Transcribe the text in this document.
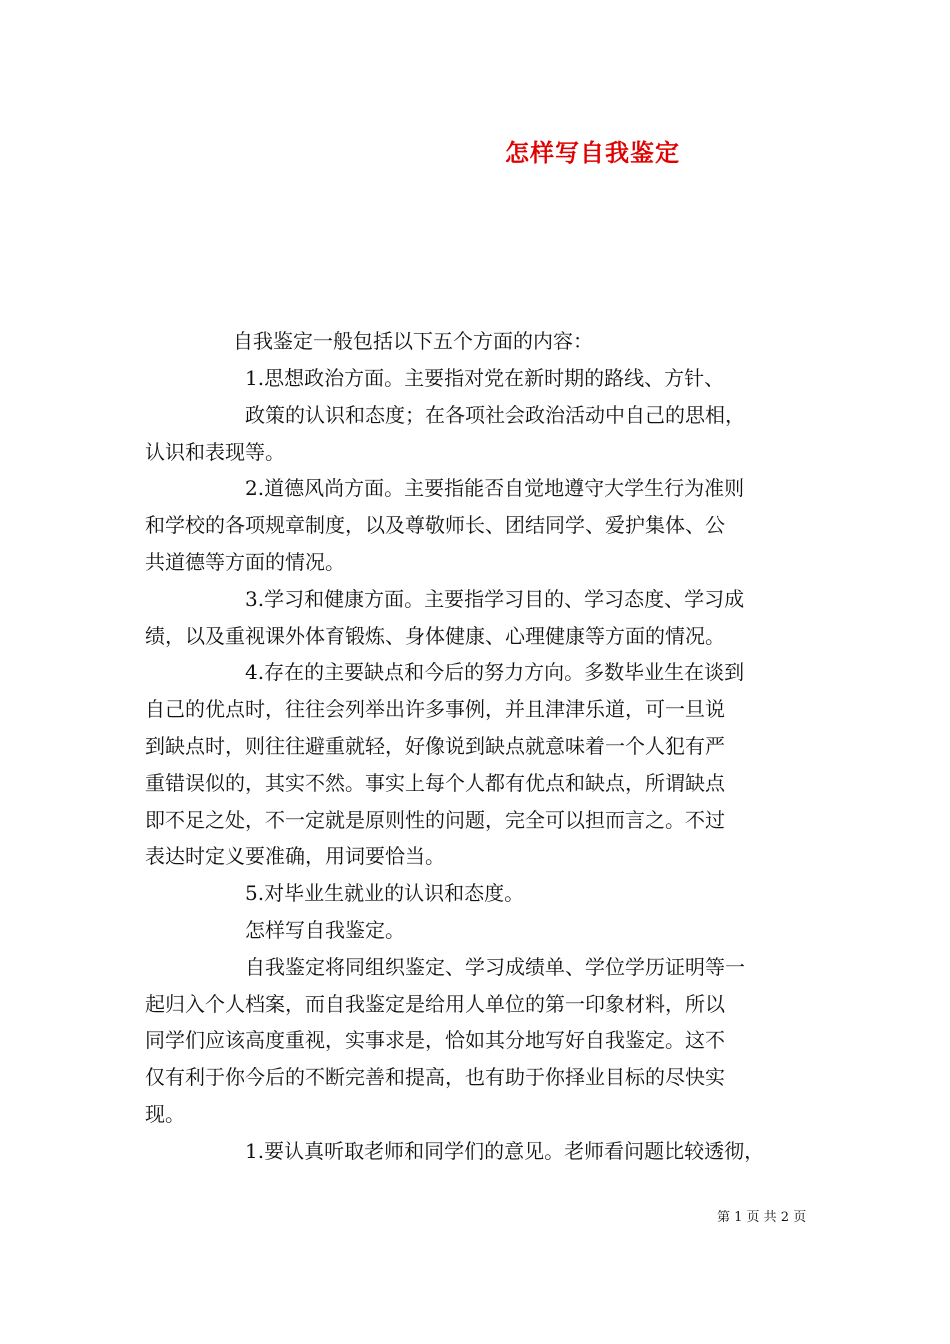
怎样写自我鉴定
自我鉴定一般包括以下五个方面的内容：
1.思想政治方面。主要指对党在新时期的路线、方针、
政策的认识和态度；在各项社会政治活动中自己的思相，
认识和表现等。
2.道德风尚方面。主要指能否自觉地遵守大学生行为准则
和学校的各项规章制度，以及尊敬师长、团结同学、爱护集体、公
共道德等方面的情况。
3.学习和健康方面。主要指学习目的、学习态度、学习成
绩，以及重视课外体育锻炼、身体健康、心理健康等方面的情况。
4.存在的主要缺点和今后的努力方向。多数毕业生在谈到
自己的优点时，往往会列举出许多事例，并且津津乐道，可一旦说
到缺点时，则往往避重就轻，好像说到缺点就意味着一个人犯有严
重错误似的，其实不然。事实上每个人都有优点和缺点，所谓缺点
即不足之处，不一定就是原则性的问题，完全可以担而言之。不过
表达时定义要准确，用词要恰当。
5.对毕业生就业的认识和态度。
怎样写自我鉴定。
自我鉴定将同组织鉴定、学习成绩单、学位学历证明等一
起归入个人档案，而自我鉴定是给用人单位的第一印象材料，所以
同学们应该高度重视，实事求是，恰如其分地写好自我鉴定。这不
仅有利于你今后的不断完善和提高，也有助于你择业目标的尽快实
现。
1.要认真听取老师和同学们的意见。老师看问题比较透彻，
第 1 页 共 2 页
